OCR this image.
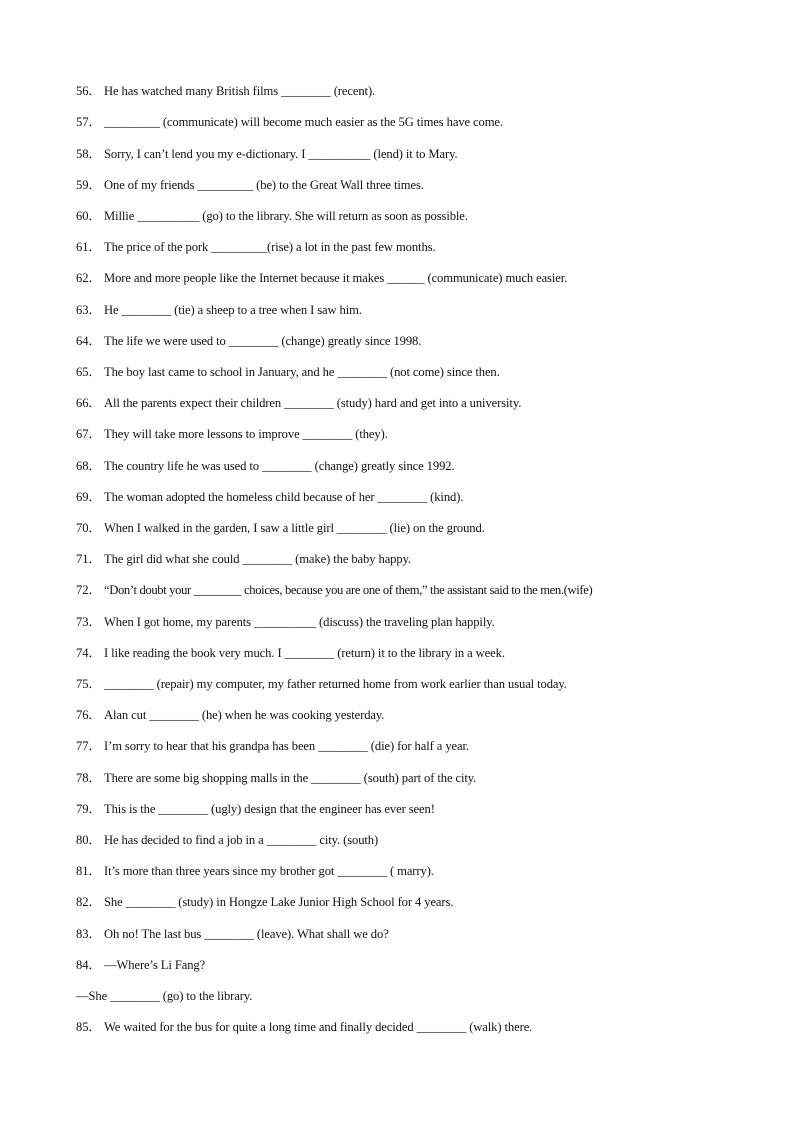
56． He has watched many British films ________ (recent).
57． _________ (communicate) will become much easier as the 5G times have come.
58． Sorry, I can’t lend you my e-dictionary. I __________ (lend) it to Mary.
59． One of my friends _________ (be) to the Great Wall three times.
60． Millie __________ (go) to the library. She will return as soon as possible.
61． The price of the pork _________(rise) a lot in the past few months.
62． More and more people like the Internet because it makes ______ (communicate) much easier.
63． He ________ (tie) a sheep to a tree when I saw him.
64． The life we were used to ________ (change) greatly since 1998.
65． The boy last came to school in January, and he ________ (not come) since then.
66． All the parents expect their children ________ (study) hard and get into a university.
67． They will take more lessons to improve ________ (they).
68． The country life he was used to ________ (change) greatly since 1992.
69． The woman adopted the homeless child because of her ________ (kind).
70． When I walked in the garden, I saw a little girl ________ (lie) on the ground.
71． The girl did what she could ________ (make) the baby happy.
72． “Don’t doubt your ________ choices, because you are one of them,” the assistant said to the men.(wife)
73． When I got home, my parents __________ (discuss) the traveling plan happily.
74． I like reading the book very much. I ________ (return) it to the library in a week.
75． ________ (repair) my computer, my father returned home from work earlier than usual today.
76． Alan cut ________ (he) when he was cooking yesterday.
77． I’m sorry to hear that his grandpa has been ________ (die) for half a year.
78． There are some big shopping malls in the ________ (south) part of the city.
79． This is the ________ (ugly) design that the engineer has ever seen!
80． He has decided to find a job in a ________ city. (south)
81． It’s more than three years since my brother got ________ ( marry).
82． She ________ (study) in Hongze Lake Junior High School for 4 years.
83． Oh no! The last bus ________ (leave). What shall we do?
84． —Where’s Li Fang?
—She ________ (go) to the library.
85． We waited for the bus for quite a long time and finally decided ________ (walk) there.
